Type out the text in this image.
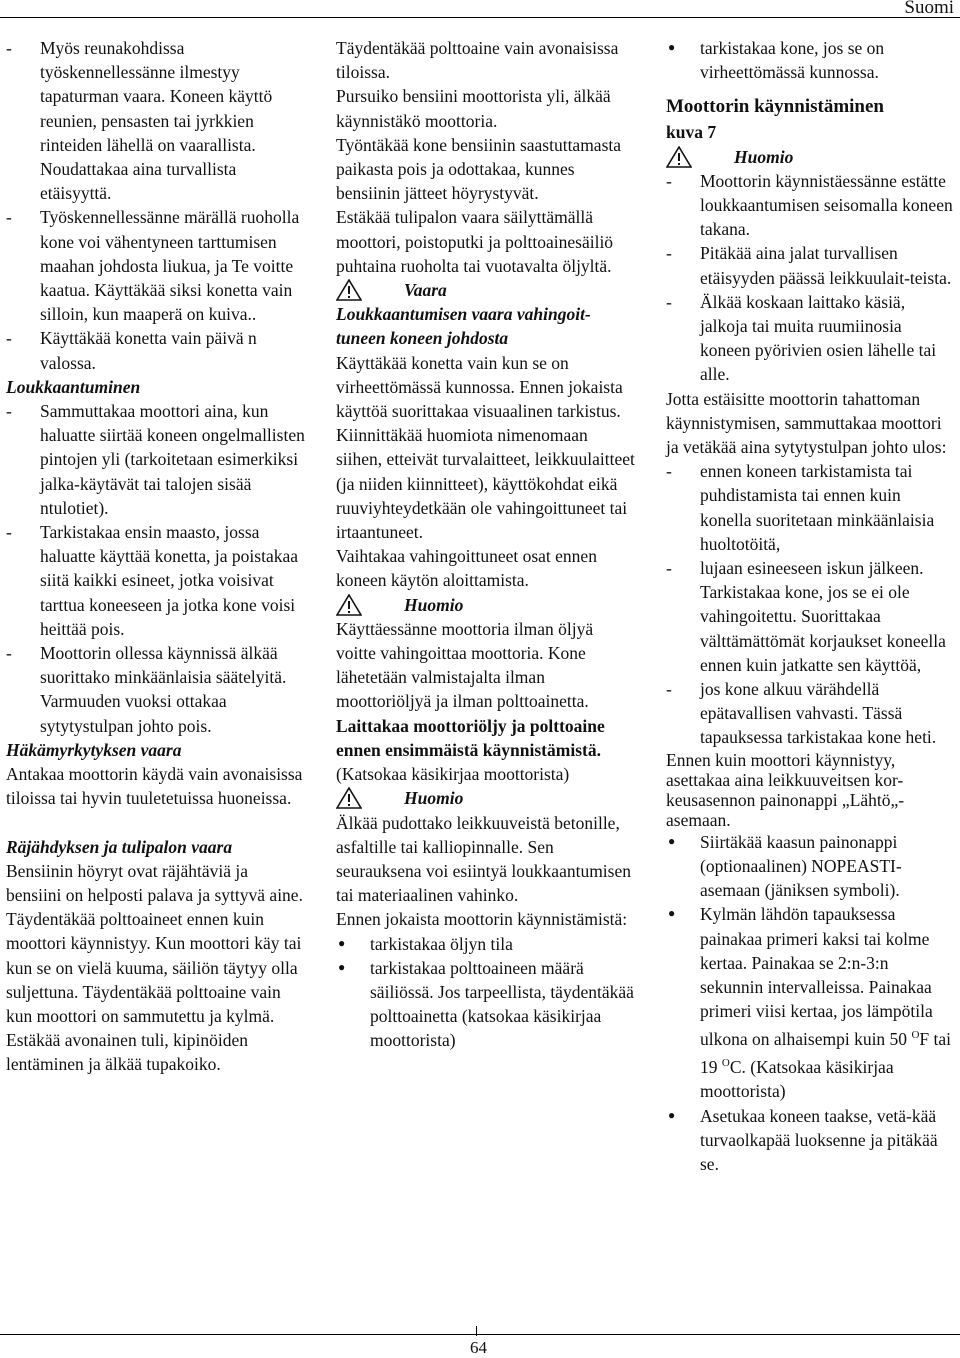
Suomi

- Myös reunakohdissa työskennellessänne ilmestyy tapaturman vaara. Koneen käyttö reunien, pensasten tai jyrkkien rinteiden lähellä on vaarallista. Noudattakaa aina turvallista etäisyyttä.

- Työskennellessänne märällä ruoholla kone voi vähentyneen tarttumisen maahan johdosta liukua, ja Te voitte kaatua. Käyttäkää siksi konetta vain silloin, kun maaperä on kuiva..

- Käyttäkää konetta vain päivä n valossa.

Loukkaantuminen

- Sammuttakaa moottori aina, kun haluatte siirtää koneen ongelmallisten pintojen yli (tarkoitetaan esimerkiksi jalka-käytävät tai talojen sisää ntulotiet).

- Tarkistakaa ensin maasto, jossa haluatte käyttää konetta, ja poistakaa siitä kaikki esineet, jotka voisivat tarttua koneeseen ja jotka kone voisi heittää pois.

- Moottorin ollessa käynnissä älkää suorittako minkäänlaisia säätelyitä. Varmuuden vuoksi ottakaa sytytystulpan johto pois.

Häkämyrkytyksen vaara

Antakaa moottorin käydä vain avonaisissa tiloissa tai hyvin tuuletetuissa huoneissa.

Räjähdyksen ja tulipalon vaara

Bensiinin höyryt ovat räjähtäviä ja bensiini on helposti palava ja syttyvä aine.

Täydentäkää polttoaineet ennen kuin moottori käynnistyy. Kun moottori käy tai kun se on vielä kuuma, säiliön täytyy olla suljettuna. Täydentäkää polttoaine vain kun moottori on sammutettu ja kylmä. Estäkää avonainen tuli, kipinöiden lentäminen ja älkää tupakoiko.

Täydentäkää polttoaine vain avonaisissa tiloissa.

Pursuiko bensiini moottorista yli, älkää käynnistäkö moottoria.

Työntäkää kone bensiinin saastuttamasta paikasta pois ja odottakaa, kunnes bensiinin jätteet höyrystyvät.

Estäkää tulipalon vaara säilyttämällä moottori, poistoputki ja polttoainesäiliö puhtaina ruoholta tai vuotavalta öljyltä.

Vaara

Loukkaantumisen vaara vahingoit-tuneen koneen johdosta

Käyttäkää konetta vain kun se on virheettömässä kunnossa. Ennen jokaista käyttöä suorittakaa visuaalinen tarkistus.

Kiinnittäkää huomiota nimenomaan siihen, etteivät turvalaitteet, leikkuulaitteet (ja niiden kiinnitteet), käyttökohdat eikä ruuviyhteydetkään ole vahingoittuneet tai irtaantuneet.

Vaihtakaa vahingoittuneet osat ennen koneen käytön aloittamista.

Huomio

Käyttäessänne moottoria ilman öljyä voitte vahingoittaa moottoria. Kone lähetetään valmistajalta ilman moottoriöljyä ja ilman polttoainetta. Laittakaa moottoriöljy ja polttoaine ennen ensimmäistä käynnistämistä.

(Katsokaa käsikirjaa moottorista)

Huomio

Älkää pudottako leikkuuveistä betonille, asfaltille tai kalliopinnalle. Sen seurauksena voi esiintyä loukkaantumisen tai materiaalinen vahinko.

Ennen jokaista moottorin käynnistämistä:

● tarkistakaa öljyn tila

● tarkistakaa polttoaineen määrä säiliössä. Jos tarpeellista, täydentäkää polttoainetta (katsokaa käsikirjaa moottorista)

● tarkistakaa kone, jos se on virheettömässä kunnossa.

Moottorin käynnistäminen

kuva 7

Huomio

- Moottorin käynnistäessänne estätte loukkaantumisen seisomalla koneen takana.

- Pitäkää aina jalat turvallisen etäisyyden päässä leikkuulait-teista.

- Älkää koskaan laittako käsiä, jalkoja tai muita ruumiinosia koneen pyörivien osien lähelle tai alle.

Jotta estäisitte moottorin tahattoman käynnistymisen, sammuttakaa moottori ja vetäkää aina sytytystulpan johto ulos:

- ennen koneen tarkistamista tai puhdistamista tai ennen kuin konella suoritetaan minkäänlaisia huoltotöitä,

- lujaan esineeseen iskun jälkeen. Tarkistakaa kone, jos se ei ole vahingoitettu. Suorittakaa välttämättömät korjaukset koneella ennen kuin jatkatte sen käyttöä,

- jos kone alkuu värähdellä epätavallisen vahvasti. Tässä tapauksessa tarkistakaa kone heti.

Ennen kuin moottori käynnistyy, asettakaa aina leikkuuveitsen kor-keusasennon painonappi „Lähtö„-asemaan.

● Siirtäkää kaasun painonappi (optionaalinen) NOPEASTI-asemaan (jäniksen symboli).

● Kylmän lähdön tapauksessa painakaa primeri kaksi tai kolme kertaa. Painakaa se 2:n-3:n sekunnin intervalleissa. Painakaa primeri viisi kertaa, jos lämpötila ulkona on alhaisempi kuin 50 $^O$F tai 19 $^O$C. (Katsokaa käsikirjaa moottorista)

● Asetukaa koneen taakse, vetä-kää turvaolkapää luoksenne ja pitäkää se.

64
